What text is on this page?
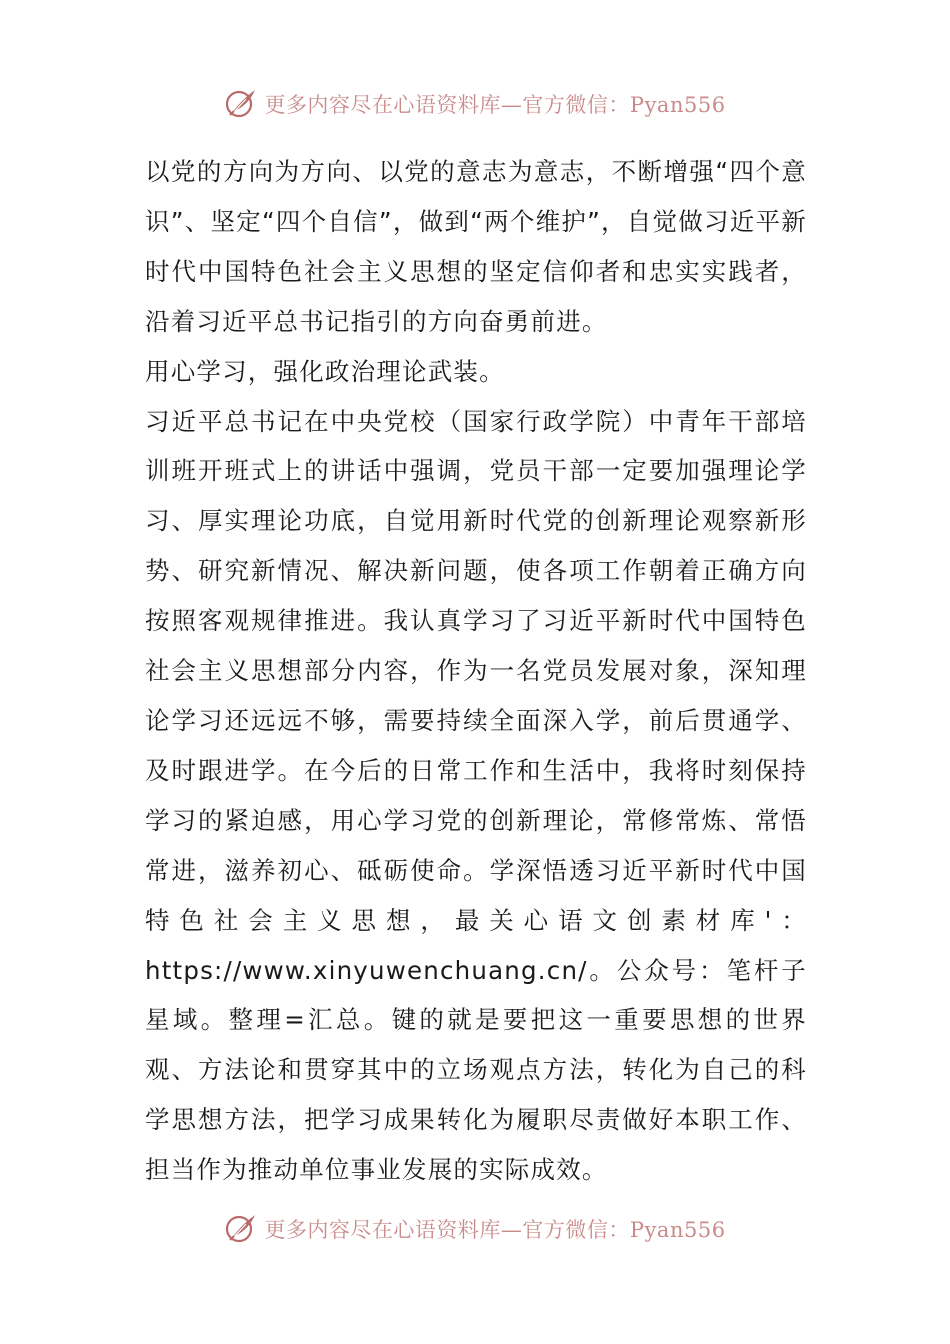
更多内容尽在心语资料库—官方微信：Pyan556

以党的方向为方向、以党的意志为意志，不断增强“四个意识”、坚定“四个自信”，做到“两个维护”，自觉做习近平新时代中国特色社会主义思想的坚定信仰者和忠实实践者，沿着习近平总书记指引的方向奋勇前进。

用心学习，强化政治理论武装。

习近平总书记在中央党校（国家行政学院）中青年干部培训班开班式上的讲话中强调，党员干部一定要加强理论学习、厚实理论功底，自觉用新时代党的创新理论观察新形势、研究新情况、解决新问题，使各项工作朝着正确方向按照客观规律推进。我认真学习了习近平新时代中国特色社会主义思想部分内容，作为一名党员发展对象，深知理论学习还远远不够，需要持续全面深入学，前后贯通学、及时跟进学。在今后的日常工作和生活中，我将时刻保持学习的紧迫感，用心学习党的创新理论，常修常炼、常悟常进，滋养初心、砥砺使命。学深悟透习近平新时代中国特色社会主义思想，最关心语文创素材库'：https://www.xinyuwenchuang.cn/。公众号：笔杆子星域。整理=汇总。键的就是要把这一重要思想的世界观、方法论和贯穿其中的立场观点方法，转化为自己的科学思想方法，把学习成果转化为履职尽责做好本职工作、担当作为推动单位事业发展的实际成效。

更多内容尽在心语资料库—官方微信：Pyan556
